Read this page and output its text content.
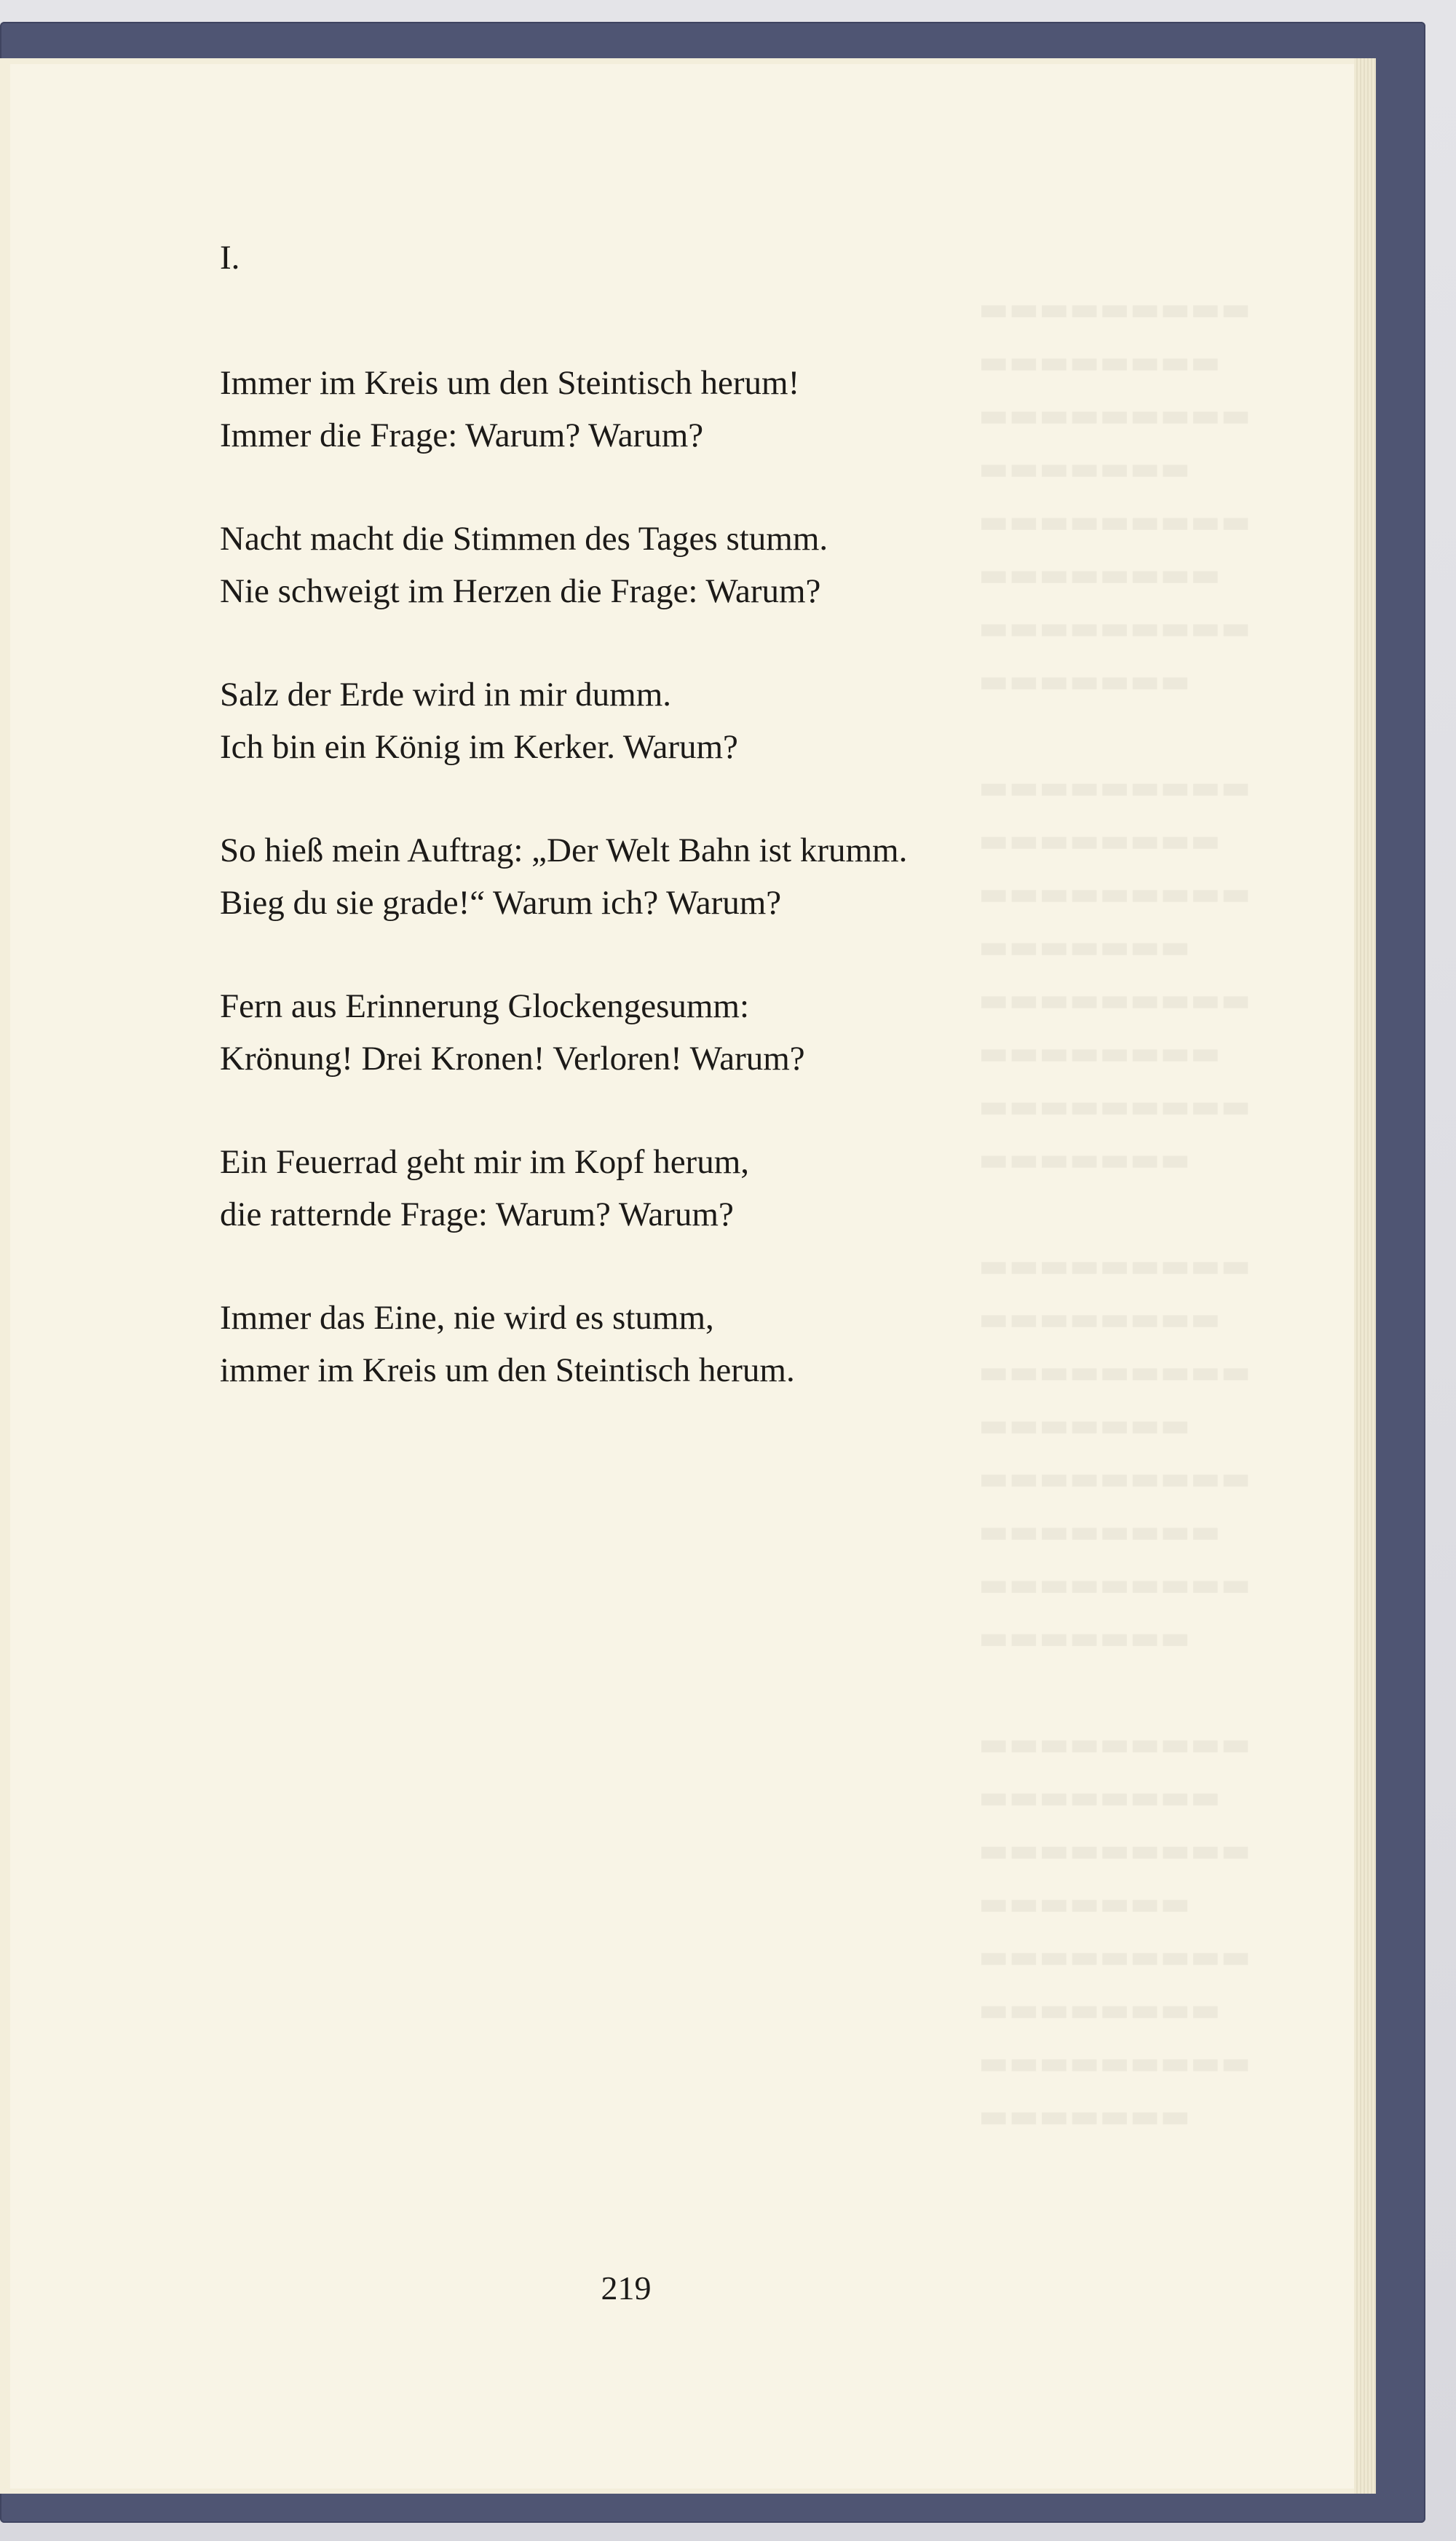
▬▬▬▬▬▬▬▬▬
▬▬▬▬▬▬▬▬
▬▬▬▬▬▬▬▬▬
▬▬▬▬▬▬▬
▬▬▬▬▬▬▬▬▬
▬▬▬▬▬▬▬▬
▬▬▬▬▬▬▬▬▬
▬▬▬▬▬▬▬
▬▬▬▬▬▬▬▬▬
▬▬▬▬▬▬▬▬
▬▬▬▬▬▬▬▬▬
▬▬▬▬▬▬▬
▬▬▬▬▬▬▬▬▬
▬▬▬▬▬▬▬▬
▬▬▬▬▬▬▬▬▬
▬▬▬▬▬▬▬
▬▬▬▬▬▬▬▬▬
▬▬▬▬▬▬▬▬
▬▬▬▬▬▬▬▬▬
▬▬▬▬▬▬▬
▬▬▬▬▬▬▬▬▬
▬▬▬▬▬▬▬▬
▬▬▬▬▬▬▬▬▬
▬▬▬▬▬▬▬
▬▬▬▬▬▬▬▬▬
▬▬▬▬▬▬▬▬
▬▬▬▬▬▬▬▬▬
▬▬▬▬▬▬▬
▬▬▬▬▬▬▬▬▬
▬▬▬▬▬▬▬▬
▬▬▬▬▬▬▬▬▬
▬▬▬▬▬▬▬
I.
Immer im Kreis um den Steintisch herum!
Immer die Frage: Warum? Warum?
Nacht macht die Stimmen des Tages stumm.
Nie schweigt im Herzen die Frage: Warum?
Salz der Erde wird in mir dumm.
Ich bin ein König im Kerker. Warum?
So hieß mein Auftrag: „Der Welt Bahn ist krumm.
Bieg du sie grade!“ Warum ich? Warum?
Fern aus Erinnerung Glockengesumm:
Krönung! Drei Kronen! Verloren! Warum?
Ein Feuerrad geht mir im Kopf herum,
die ratternde Frage: Warum? Warum?
Immer das Eine, nie wird es stumm,
immer im Kreis um den Steintisch herum.
219
